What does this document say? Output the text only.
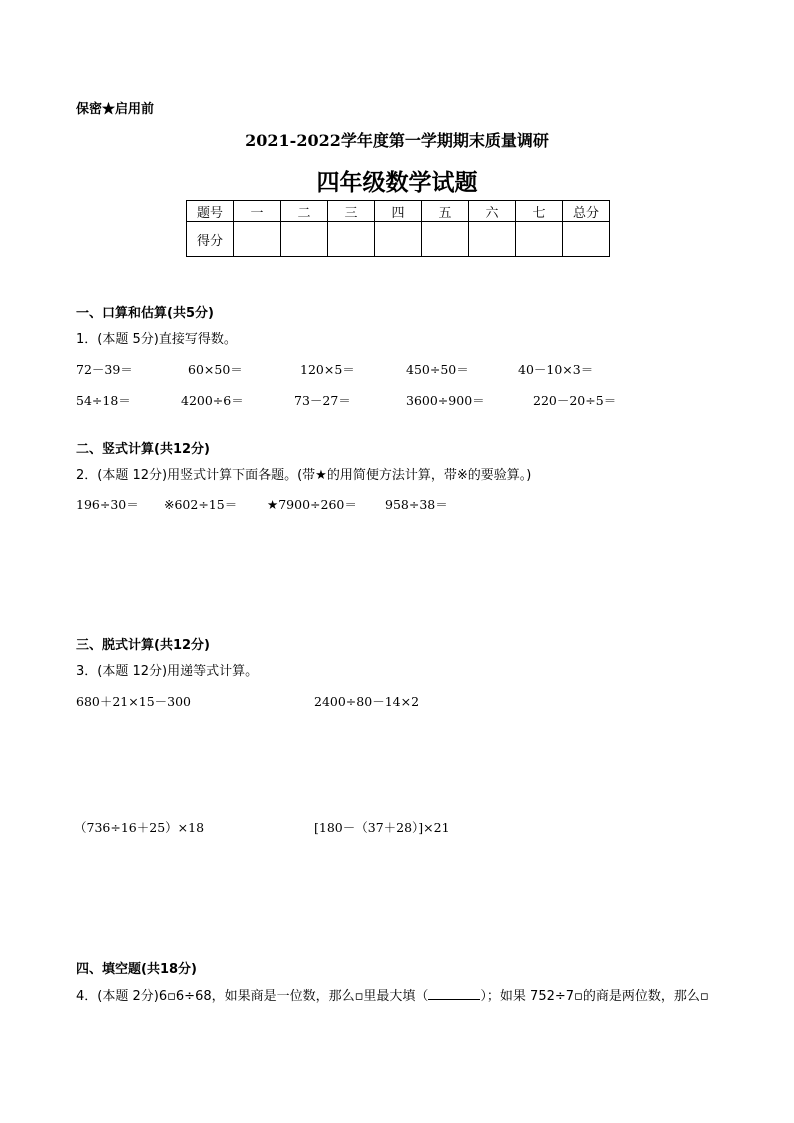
保密★启用前
2021-2022学年度第一学期期末质量调研
四年级数学试题
题号	一	二	三	四	五	六	七	总分
得分								
一、口算和估算(共5分)
1．(本题 5分)直接写得数。
72－39＝	60×50＝	120×5＝	450÷50＝	40－10×3＝
54÷18＝	4200÷6＝	73－27＝	3600÷900＝	220－20÷5＝
二、竖式计算(共12分)
2．(本题 12分)用竖式计算下面各题。(带★的用简便方法计算，带※的要验算。)
196÷30＝ ※602÷15＝ ★7900÷260＝ 958÷38＝
三、脱式计算(共12分)
3．(本题 12分)用递等式计算。
680＋21×15－300	2400÷80－14×2
（736÷16＋25）×18	[180－（37＋28）]×21
四、填空题(共18分)
4．(本题 2分)6▫6÷68，如果商是一位数，那么▫里最大填（	）；如果 752÷7▫的商是两位数，那么▫
